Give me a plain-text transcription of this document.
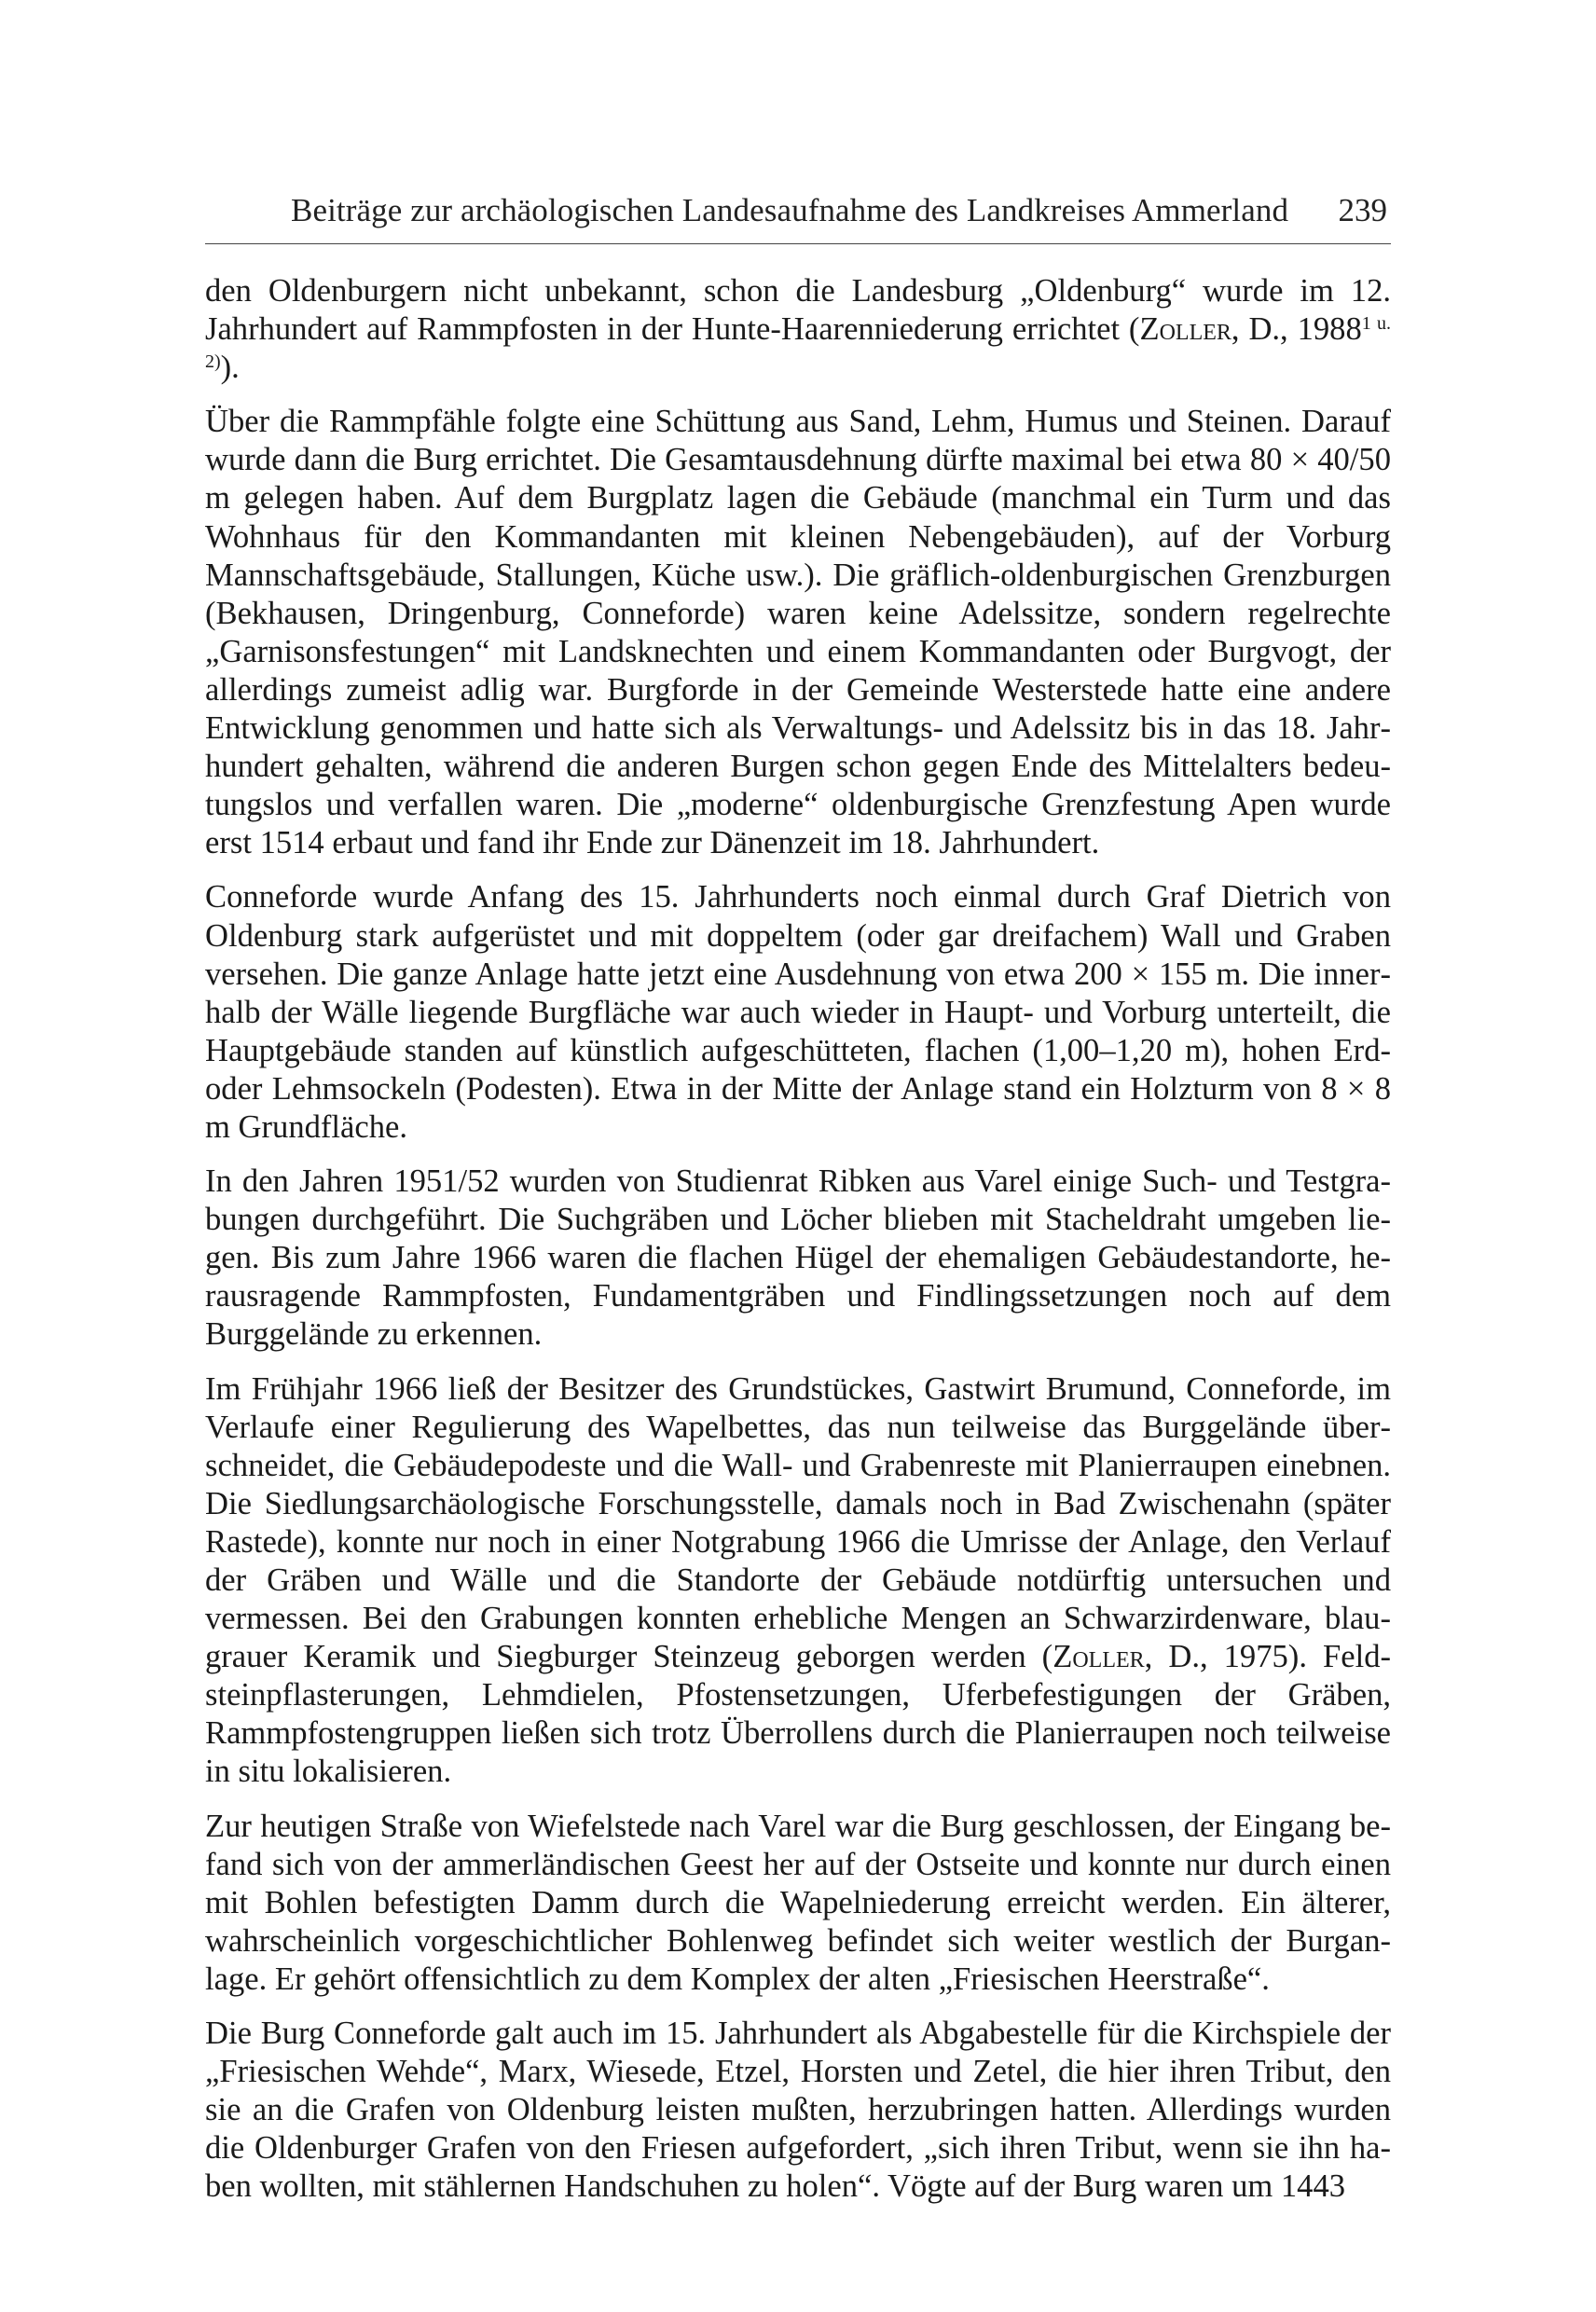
Beiträge zur archäologischen Landesaufnahme des Landkreises Ammerland 239

den Oldenburgern nicht unbekannt, schon die Landesburg „Oldenburg“ wurde im 12. Jahrhundert auf Rammpfosten in der Hunte-Haarenniederung errichtet (Zoller, D., $1988^{1 u. 2)}$).

Über die Rammpfähle folgte eine Schüttung aus Sand, Lehm, Humus und Steinen. Darauf wurde dann die Burg errichtet. Die Gesamtausdehnung dürfte maximal bei etwa 80 × 40/50 m gelegen haben. Auf dem Burgplatz lagen die Gebäude (manchmal ein Turm und das Wohnhaus für den Kommandanten mit kleinen Nebengebäuden), auf der Vorburg Mannschaftsgebäude, Stallungen, Küche usw.). Die gräflich-oldenburgischen Grenzburgen (Bekhausen, Dringenburg, Conneforde) waren keine Adelssitze, sondern regelrechte „Garnisonsfestungen“ mit Landsknechten und einem Kommandanten oder Burgvogt, der allerdings zumeist adlig war. Burgforde in der Gemeinde Westerstede hatte eine andere Entwicklung genommen und hatte sich als Verwaltungs- und Adelssitz bis in das 18. Jahrhundert gehalten, während die anderen Burgen schon gegen Ende des Mittelalters bedeutungslos und verfallen waren. Die „moderne“ oldenburgische Grenzfestung Apen wurde erst 1514 erbaut und fand ihr Ende zur Dänenzeit im 18. Jahrhundert.

Conneforde wurde Anfang des 15. Jahrhunderts noch einmal durch Graf Dietrich von Oldenburg stark aufgerüstet und mit doppeltem (oder gar dreifachem) Wall und Graben versehen. Die ganze Anlage hatte jetzt eine Ausdehnung von etwa 200 × 155 m. Die innerhalb der Wälle liegende Burgfläche war auch wieder in Haupt- und Vorburg unterteilt, die Hauptgebäude standen auf künstlich aufgeschütteten, flachen (1,00–1,20 m), hohen Erd- oder Lehmsockeln (Podesten). Etwa in der Mitte der Anlage stand ein Holzturm von 8 × 8 m Grundfläche.

In den Jahren 1951/52 wurden von Studienrat Ribken aus Varel einige Such- und Testgrabungen durchgeführt. Die Suchgräben und Löcher blieben mit Stacheldraht umgeben liegen. Bis zum Jahre 1966 waren die flachen Hügel der ehemaligen Gebäudestandorte, herausragende Rammpfosten, Fundamentgräben und Findlingssetzungen noch auf dem Burggelände zu erkennen.

Im Frühjahr 1966 ließ der Besitzer des Grundstückes, Gastwirt Brumund, Conneforde, im Verlaufe einer Regulierung des Wapelbettes, das nun teilweise das Burggelände überschneidet, die Gebäudepodeste und die Wall- und Grabenreste mit Planierraupen einebnen. Die Siedlungsarchäologische Forschungsstelle, damals noch in Bad Zwischenahn (später Rastede), konnte nur noch in einer Notgrabung 1966 die Umrisse der Anlage, den Verlauf der Gräben und Wälle und die Standorte der Gebäude notdürftig untersuchen und vermessen. Bei den Grabungen konnten erhebliche Mengen an Schwarzirdenware, blaugrauer Keramik und Siegburger Steinzeug geborgen werden (Zoller, D., 1975). Feldsteinpflasterungen, Lehmdielen, Pfostensetzungen, Uferbefestigungen der Gräben, Rammpfostengruppen ließen sich trotz Überrollens durch die Planierraupen noch teilweise in situ lokalisieren.

Zur heutigen Straße von Wiefelstede nach Varel war die Burg geschlossen, der Eingang befand sich von der ammerländischen Geest her auf der Ostseite und konnte nur durch einen mit Bohlen befestigten Damm durch die Wapelniederung erreicht werden. Ein älterer, wahrscheinlich vorgeschichtlicher Bohlenweg befindet sich weiter westlich der Burganlage. Er gehört offensichtlich zu dem Komplex der alten „Friesischen Heerstraße“.

Die Burg Conneforde galt auch im 15. Jahrhundert als Abgabestelle für die Kirchspiele der „Friesischen Wehde“, Marx, Wiesede, Etzel, Horsten und Zetel, die hier ihren Tribut, den sie an die Grafen von Oldenburg leisten mußten, herzubringen hatten. Allerdings wurden die Oldenburger Grafen von den Friesen aufgefordert, „sich ihren Tribut, wenn sie ihn haben wollten, mit stählernen Handschuhen zu holen“. Vögte auf der Burg waren um 1443
